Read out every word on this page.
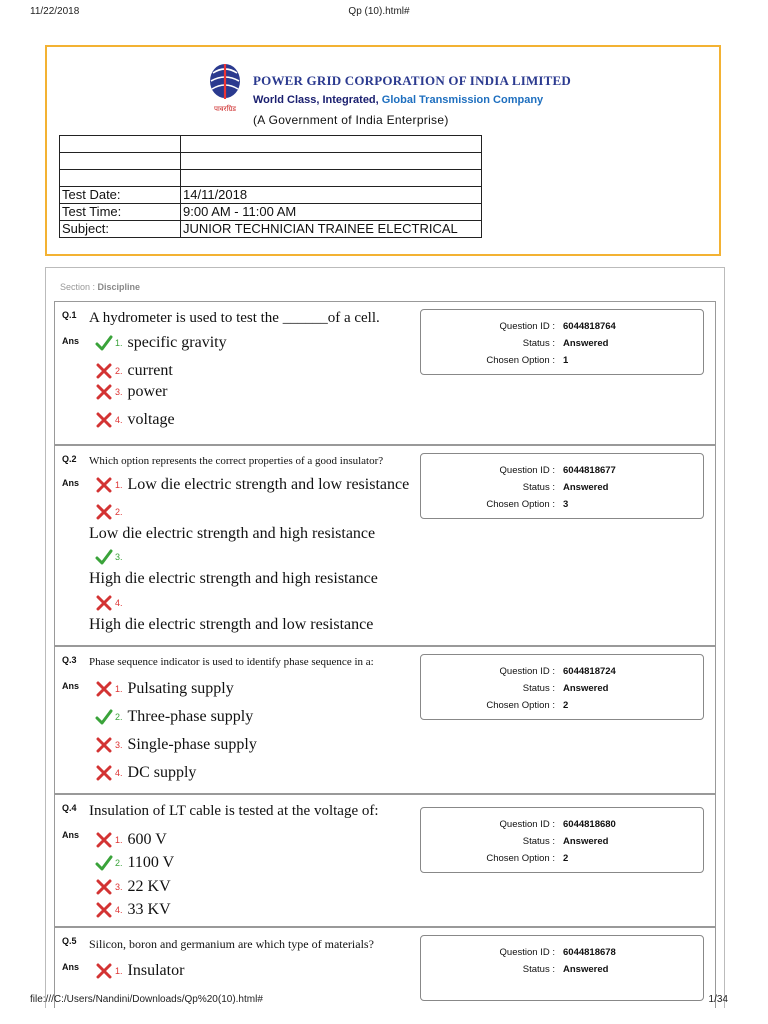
11/22/2018	Qp (10).html#
पावरग्रिड
POWER GRID CORPORATION OF INDIA LIMITED
World Class, Integrated, Global Transmission Company
(A Government of India Enterprise)

Test Date:	14/11/2018
Test Time:	9:00 AM - 11:00 AM
Subject:	JUNIOR TECHNICIAN TRAINEE ELECTRICAL
Section : Discipline
Q.1 A hydrometer is used to test the ______of a cell.
Ans	1. specific gravity
2. current
3. power
4. voltage
Question ID : 6044818764
Status : Answered
Chosen Option : 1
Q.2 Which option represents the correct properties of a good insulator?
Ans	1. Low die electric strength and low resistance
2.
Low die electric strength and high resistance
3.
High die electric strength and high resistance
4.
High die electric strength and low resistance
Question ID : 6044818677
Status : Answered
Chosen Option : 3
Q.3 Phase sequence indicator is used to identify phase sequence in a:
Ans	1. Pulsating supply
2. Three-phase supply
3. Single-phase supply
4. DC supply
Question ID : 6044818724
Status : Answered
Chosen Option : 2
Q.4 Insulation of LT cable is tested at the voltage of:
Ans
1. 600 V
2. 1100 V
3. 22 KV
4. 33 KV
Question ID : 6044818680
Status : Answered
Chosen Option : 2
Q.5 Silicon, boron and germanium are which type of materials?
Ans	1. Insulator
Question ID : 6044818678
Status : Answered
file:///C:/Users/Nandini/Downloads/Qp%20(10).html#	1/34
